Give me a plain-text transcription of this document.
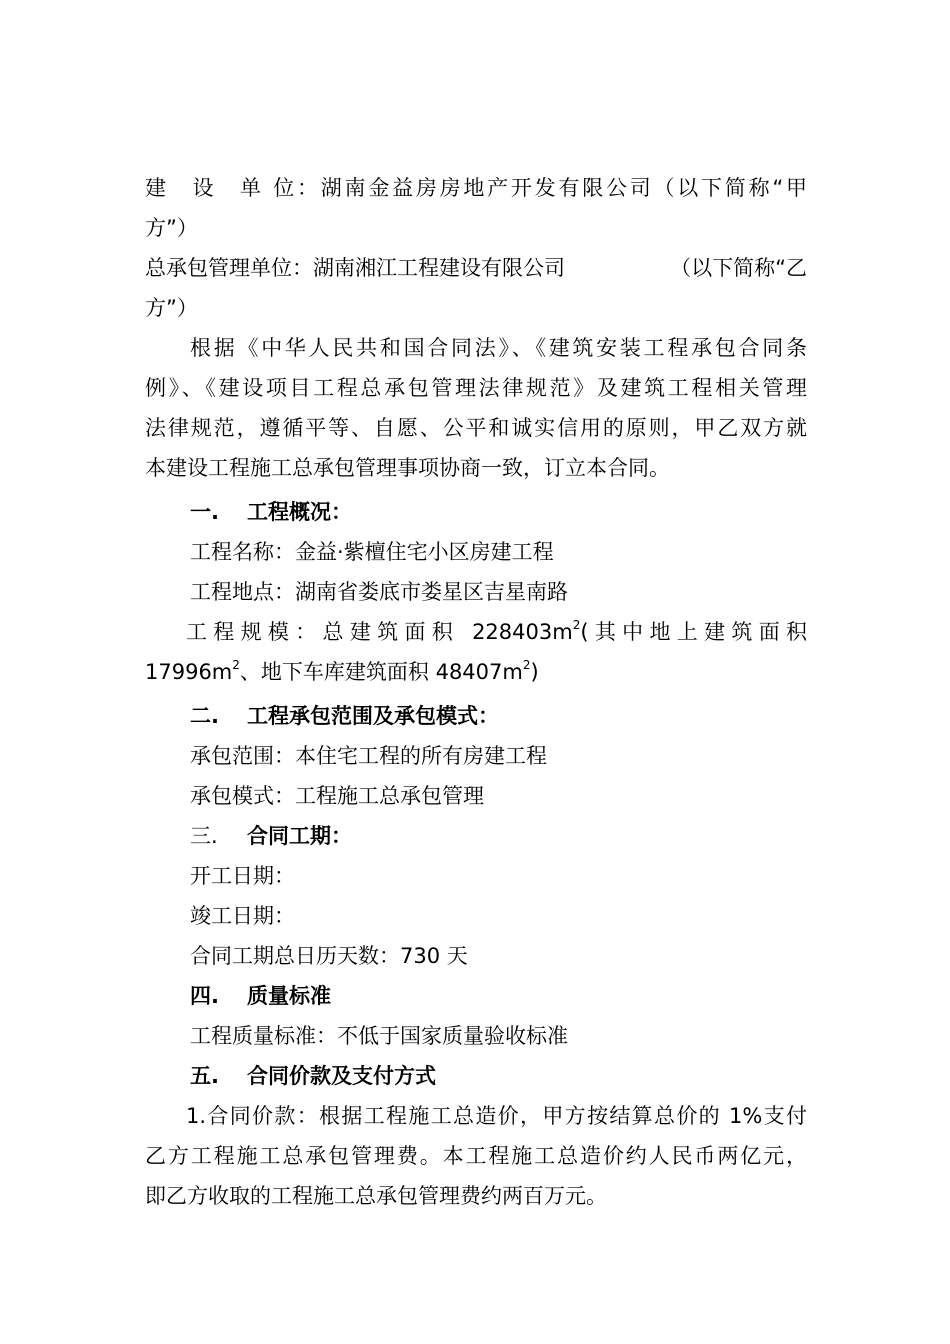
建　设　单 位：湖南金益房房地产开发有限公司（以下简称“甲
方”）
总承包管理单位：湖南湘江工程建设有限公司	（以下简称“乙
方”）
根据《中华人民共和国合同法》、《建筑安装工程承包合同条
例》、《建设项目工程总承包管理法律规范》及建筑工程相关管理
法律规范，遵循平等、自愿、公平和诚实信用的原则，甲乙双方就
本建设工程施工总承包管理事项协商一致，订立本合同。
一. 工程概况：
工程名称：金益·紫檀住宅小区房建工程
工程地点：湖南省娄底市娄星区吉星南路
工程规模：总建筑面积 $228403m^2$(其中地上建筑面积
$17996m^2$、地下车库建筑面积 $48407m^2$)
二. 工程承包范围及承包模式：
承包范围：本住宅工程的所有房建工程
承包模式：工程施工总承包管理
三. 合同工期：
开工日期：
竣工日期：
合同工期总日历天数：730 天
四. 质量标准
工程质量标准：不低于国家质量验收标准
五. 合同价款及支付方式
1.合同价款：根据工程施工总造价，甲方按结算总价的 1%支付
乙方工程施工总承包管理费。本工程施工总造价约人民币两亿元，
即乙方收取的工程施工总承包管理费约两百万元。
